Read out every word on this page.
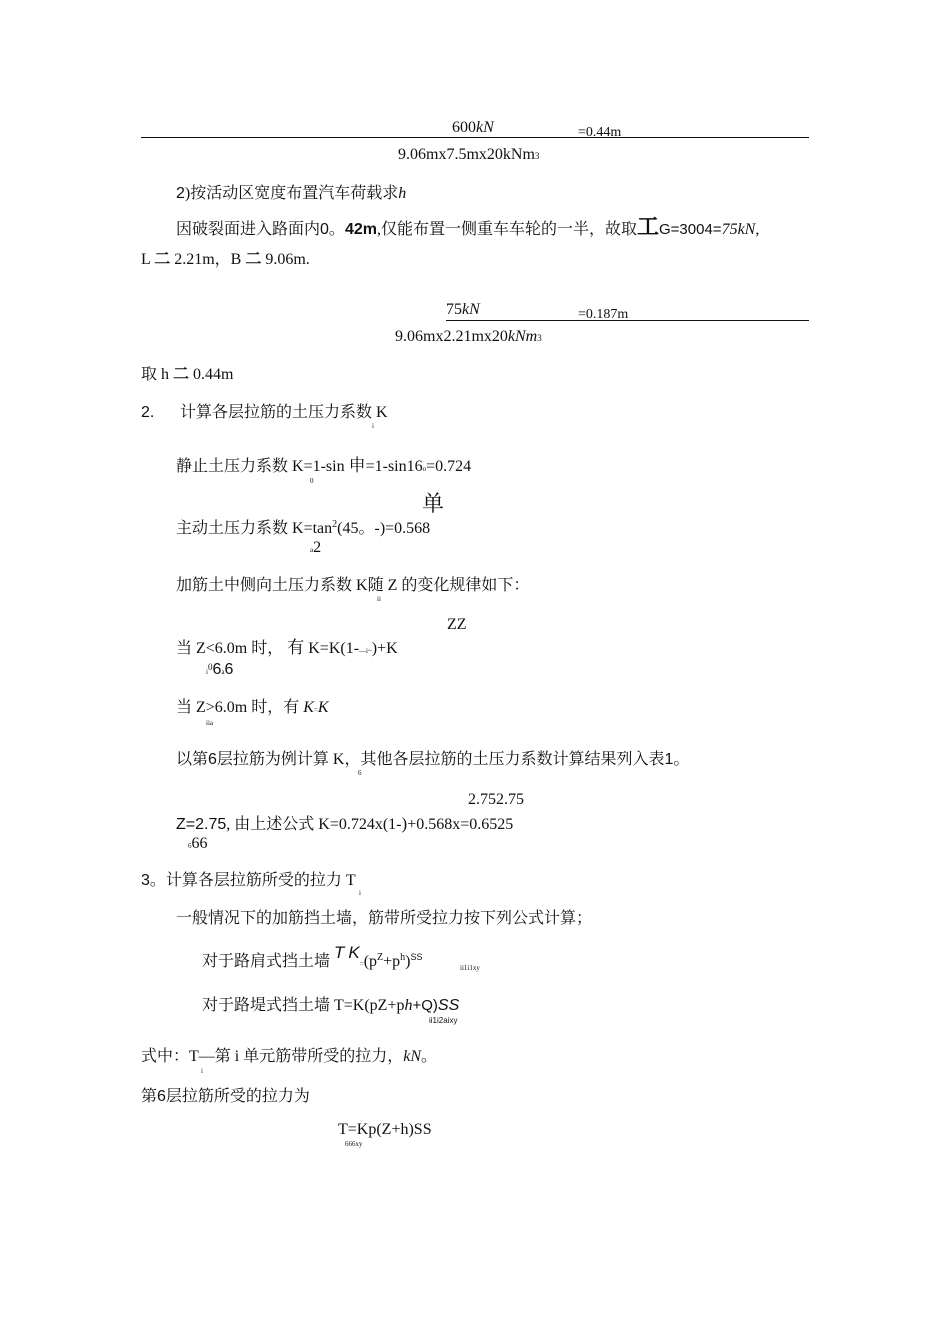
600kN	=0.44m
9.06mx7.5mx20kNm3
2)按活动区宽度布置汽车荷载求h
因破裂面进入路面内0。42m,仅能布置一侧重车车轮的一半，故取工G=3004=75kN,
L 二 2.21m，B 二 9.06m.
75kN	=0.187m
9.06mx2.21mx20kNm3
取 h 二 0.44m
2. 计算各层拉筋的土压力系数 K
i
静止土压力系数 K=1-sin 申=1-sin16o=0.724
0
单
主动土压力系数 $K=\tan^2(45$。-)=0.568
a2
加筋土中侧向土压力系数 K随 Z 的变化规律如下：
ii
ZZ
当 Z<6.0m 时， 有 K=K(1-—i~)+K
$i^06a6$
当 Z>6.0m 时，有 K=K
iia
以第6层拉筋为例计算 K，其他各层拉筋的土压力系数计算结果列入表1。
6
2.752.75
Z=2.75, 由上述公式 K=0.724x(1-)+0.568x=0.6525
666
3。计算各层拉筋所受的拉力 T
i
一般情况下的加筋挡土墙，筋带所受拉力按下列公式计算；
对于路肩式挡土墙 T $K=(p^Z+p^h)^{SS}$
ii1i1xy
对于路堤式挡土墙 T=K(pZ+ph+Q)SS
ii1i2aixy
式中：T—第 i 单元筋带所受的拉力，kN。
i
第6层拉筋所受的拉力为
T=Kp(Z+h)SS
666xy
